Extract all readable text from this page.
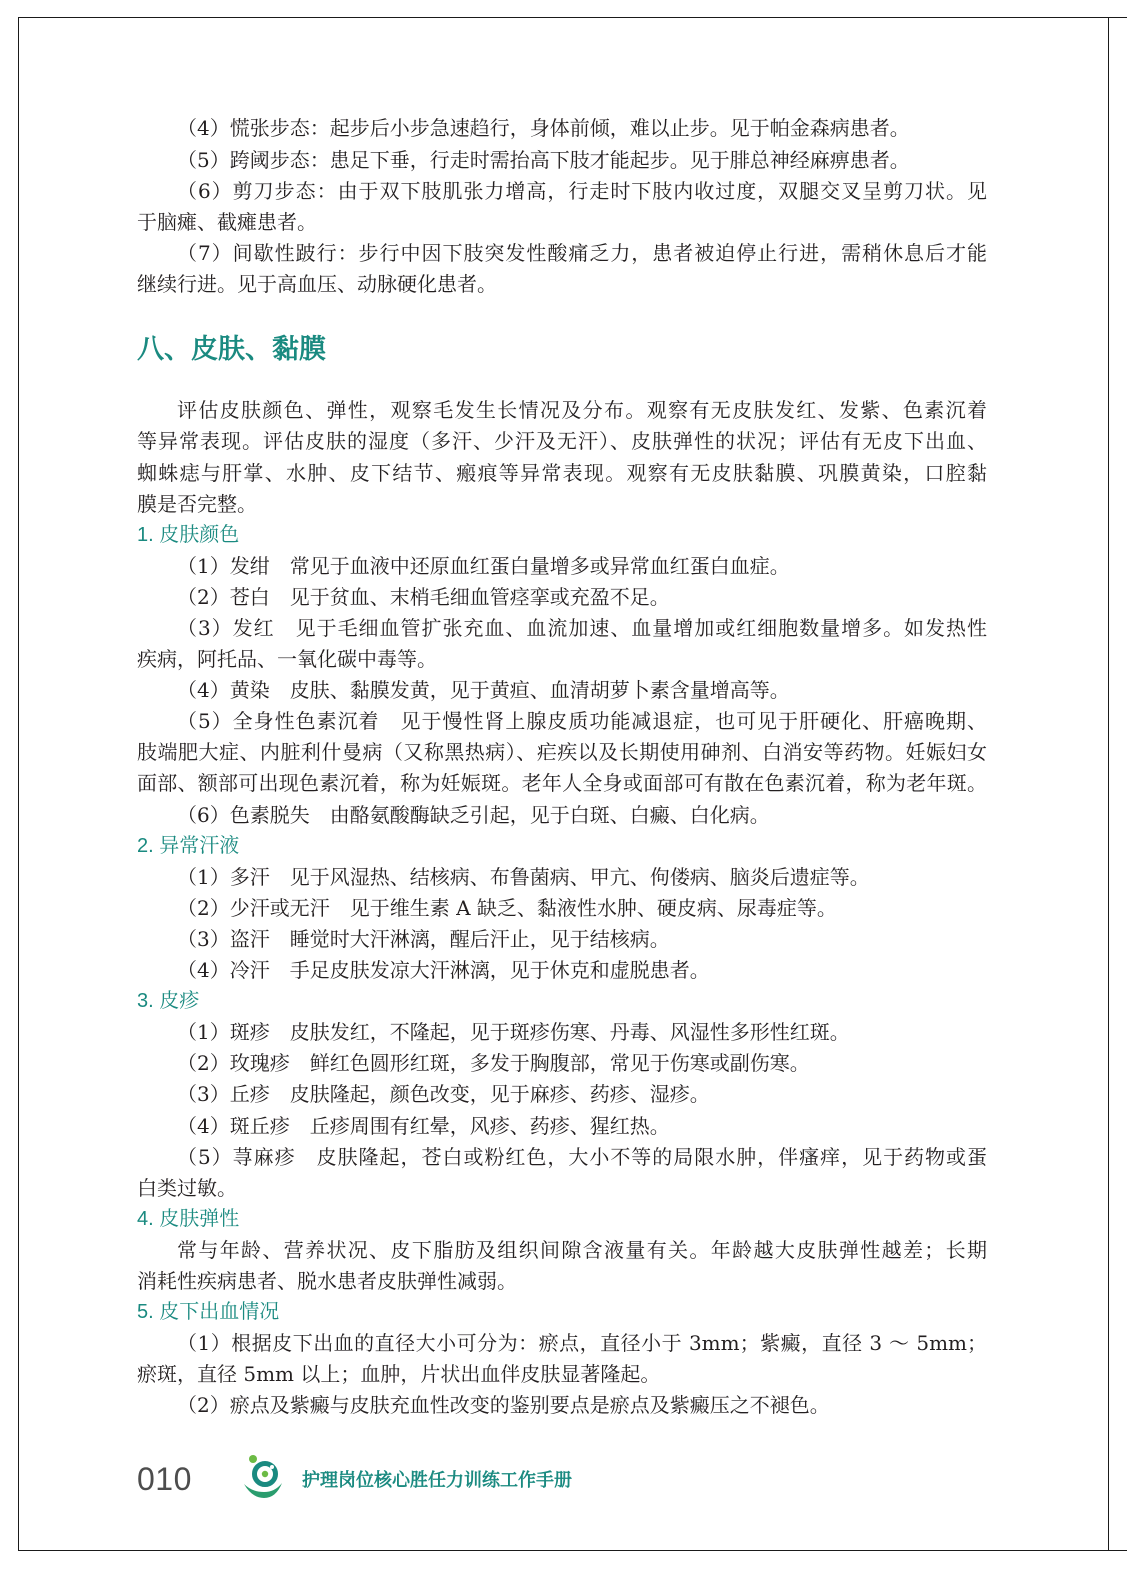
（4）慌张步态：起步后小步急速趋行，身体前倾，难以止步。见于帕金森病患者。
（5）跨阈步态：患足下垂，行走时需抬高下肢才能起步。见于腓总神经麻痹患者。
（6）剪刀步态：由于双下肢肌张力增高，行走时下肢内收过度，双腿交叉呈剪刀状。见
于脑瘫、截瘫患者。
（7）间歇性跛行：步行中因下肢突发性酸痛乏力，患者被迫停止行进，需稍休息后才能
继续行进。见于高血压、动脉硬化患者。
八、皮肤、黏膜
评估皮肤颜色、弹性，观察毛发生长情况及分布。观察有无皮肤发红、发紫、色素沉着
等异常表现。评估皮肤的湿度（多汗、少汗及无汗）、皮肤弹性的状况；评估有无皮下出血、
蜘蛛痣与肝掌、水肿、皮下结节、瘢痕等异常表现。观察有无皮肤黏膜、巩膜黄染，口腔黏
膜是否完整。
1. 皮肤颜色
（1）发绀　常见于血液中还原血红蛋白量增多或异常血红蛋白血症。
（2）苍白　见于贫血、末梢毛细血管痉挛或充盈不足。
（3）发红　见于毛细血管扩张充血、血流加速、血量增加或红细胞数量增多。如发热性
疾病，阿托品、一氧化碳中毒等。
（4）黄染　皮肤、黏膜发黄，见于黄疸、血清胡萝卜素含量增高等。
（5）全身性色素沉着　见于慢性肾上腺皮质功能减退症，也可见于肝硬化、肝癌晚期、
肢端肥大症、内脏利什曼病（又称黑热病）、疟疾以及长期使用砷剂、白消安等药物。妊娠妇女
面部、额部可出现色素沉着，称为妊娠斑。老年人全身或面部可有散在色素沉着，称为老年斑。
（6）色素脱失　由酪氨酸酶缺乏引起，见于白斑、白癜、白化病。
2. 异常汗液
（1）多汗　见于风湿热、结核病、布鲁菌病、甲亢、佝偻病、脑炎后遗症等。
（2）少汗或无汗　见于维生素 A 缺乏、黏液性水肿、硬皮病、尿毒症等。
（3）盗汗　睡觉时大汗淋漓，醒后汗止，见于结核病。
（4）冷汗　手足皮肤发凉大汗淋漓，见于休克和虚脱患者。
3. 皮疹
（1）斑疹　皮肤发红，不隆起，见于斑疹伤寒、丹毒、风湿性多形性红斑。
（2）玫瑰疹　鲜红色圆形红斑，多发于胸腹部，常见于伤寒或副伤寒。
（3）丘疹　皮肤隆起，颜色改变，见于麻疹、药疹、湿疹。
（4）斑丘疹　丘疹周围有红晕，风疹、药疹、猩红热。
（5）荨麻疹　皮肤隆起，苍白或粉红色，大小不等的局限水肿，伴瘙痒，见于药物或蛋
白类过敏。
4. 皮肤弹性
常与年龄、营养状况、皮下脂肪及组织间隙含液量有关。年龄越大皮肤弹性越差；长期
消耗性疾病患者、脱水患者皮肤弹性减弱。
5. 皮下出血情况
（1）根据皮下出血的直径大小可分为：瘀点，直径小于 3mm；紫癜，直径 3 ～ 5mm；
瘀斑，直径 5mm 以上；血肿，片状出血伴皮肤显著隆起。
（2）瘀点及紫癜与皮肤充血性改变的鉴别要点是瘀点及紫癜压之不褪色。
010	护理岗位核心胜任力训练工作手册
